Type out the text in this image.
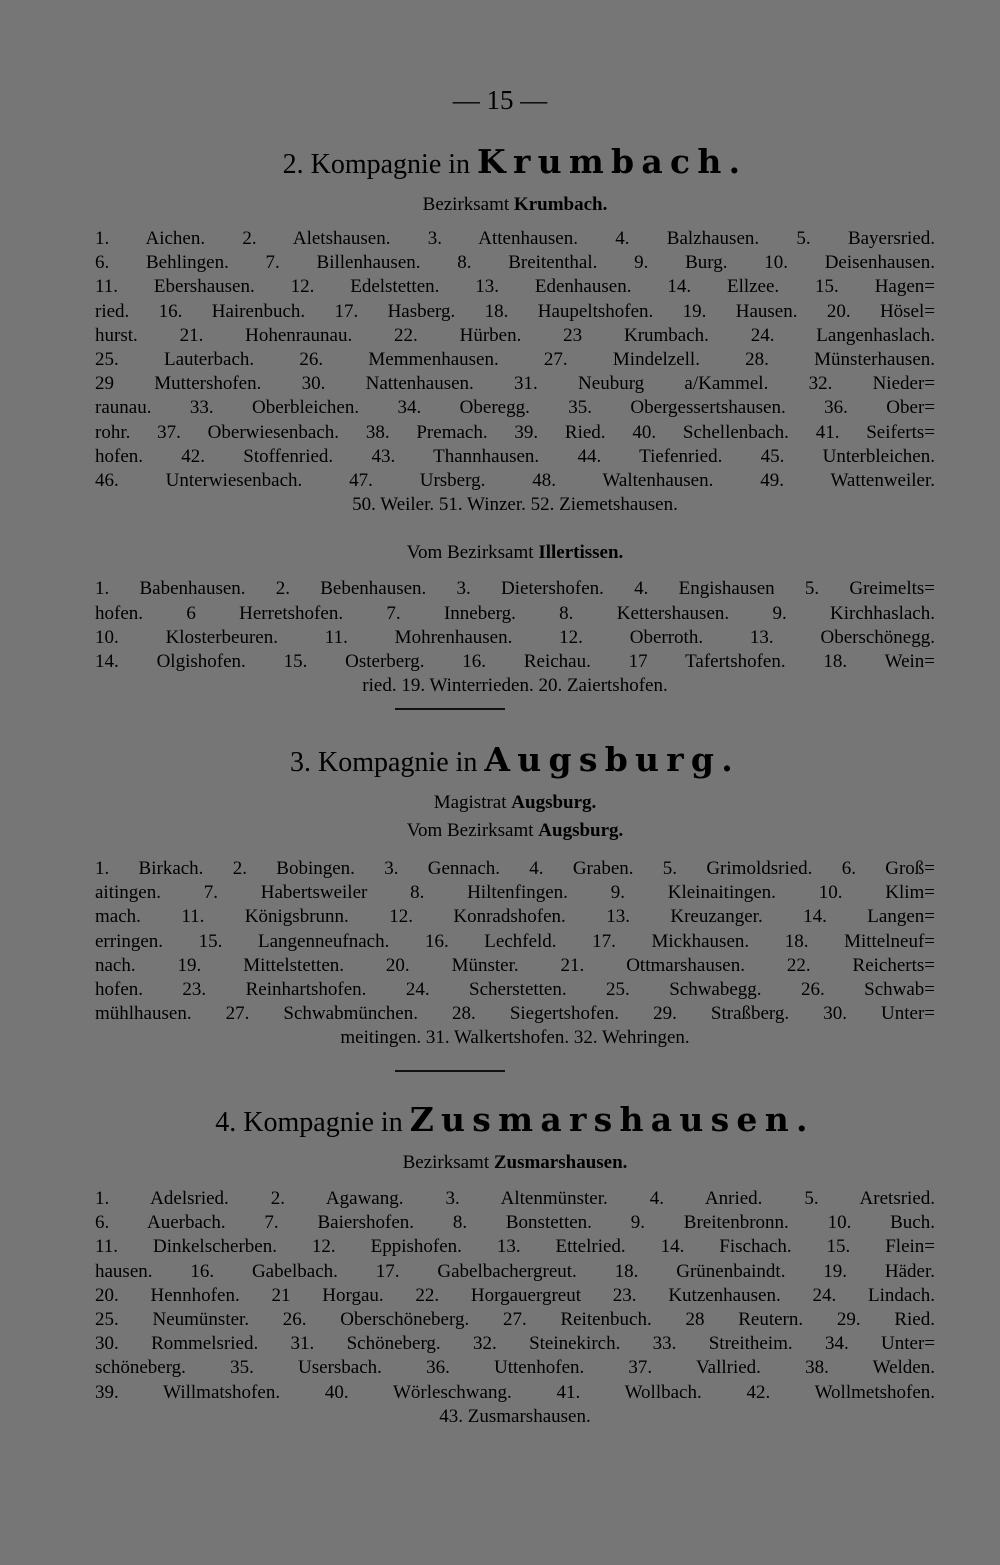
— 15 —
2. Kompagnie in Krumbach.
Bezirksamt Krumbach.
1. Aichen. 2. Aletshausen. 3. Attenhausen. 4. Balzhausen. 5. Bayersried.
6. Behlingen. 7. Billenhausen. 8. Breitenthal. 9. Burg. 10. Deisenhausen.
11. Ebershausen. 12. Edelstetten. 13. Edenhausen. 14. Ellzee. 15. Hagen=
ried. 16. Hairenbuch. 17. Hasberg. 18. Haupeltshofen. 19. Hausen. 20. Hösel=
hurst. 21. Hohenraunau. 22. Hürben. 23 Krumbach. 24. Langenhaslach.
25. Lauterbach. 26. Memmenhausen. 27. Mindelzell. 28. Münsterhausen.
29 Muttershofen. 30. Nattenhausen. 31. Neuburg a/Kammel. 32. Nieder=
raunau. 33. Oberbleichen. 34. Oberegg. 35. Obergessertshausen. 36. Ober=
rohr. 37. Oberwiesenbach. 38. Premach. 39. Ried. 40. Schellenbach. 41. Seiferts=
hofen. 42. Stoffenried. 43. Thannhausen. 44. Tiefenried. 45. Unterbleichen.
46. Unterwiesenbach. 47. Ursberg. 48. Waltenhausen. 49. Wattenweiler.
50. Weiler. 51. Winzer. 52. Ziemetshausen.
Vom Bezirksamt Illertissen.
1. Babenhausen. 2. Bebenhausen. 3. Dietershofen. 4. Engishausen 5. Greimelts=
hofen. 6 Herretshofen. 7. Inneberg. 8. Kettershausen. 9. Kirchhaslach.
10. Klosterbeuren. 11. Mohrenhausen. 12. Oberroth. 13. Oberschönegg.
14. Olgishofen. 15. Osterberg. 16. Reichau. 17 Tafertshofen. 18. Wein=
ried. 19. Winterrieden. 20. Zaiertshofen.
3. Kompagnie in Augsburg.
Magistrat Augsburg.
Vom Bezirksamt Augsburg.
1. Birkach. 2. Bobingen. 3. Gennach. 4. Graben. 5. Grimoldsried. 6. Groß=
aitingen. 7. Habertsweiler 8. Hiltenfingen. 9. Kleinaitingen. 10. Klim=
mach. 11. Königsbrunn. 12. Konradshofen. 13. Kreuzanger. 14. Langen=
erringen. 15. Langenneufnach. 16. Lechfeld. 17. Mickhausen. 18. Mittelneuf=
nach. 19. Mittelstetten. 20. Münster. 21. Ottmarshausen. 22. Reicherts=
hofen. 23. Reinhartshofen. 24. Scherstetten. 25. Schwabegg. 26. Schwab=
mühlhausen. 27. Schwabmünchen. 28. Siegertshofen. 29. Straßberg. 30. Unter=
meitingen. 31. Walkertshofen. 32. Wehringen.
4. Kompagnie in Zusmarshausen.
Bezirksamt Zusmarshausen.
1. Adelsried. 2. Agawang. 3. Altenmünster. 4. Anried. 5. Aretsried.
6. Auerbach. 7. Baiershofen. 8. Bonstetten. 9. Breitenbronn. 10. Buch.
11. Dinkelscherben. 12. Eppishofen. 13. Ettelried. 14. Fischach. 15. Flein=
hausen. 16. Gabelbach. 17. Gabelbachergreut. 18. Grünenbaindt. 19. Häder.
20. Hennhofen. 21 Horgau. 22. Horgauergreut 23. Kutzenhausen. 24. Lindach.
25. Neumünster. 26. Oberschöneberg. 27. Reitenbuch. 28 Reutern. 29. Ried.
30. Rommelsried. 31. Schöneberg. 32. Steinekirch. 33. Streitheim. 34. Unter=
schöneberg. 35. Usersbach. 36. Uttenhofen. 37. Vallried. 38. Welden.
39. Willmatshofen. 40. Wörleschwang. 41. Wollbach. 42. Wollmetshofen.
43. Zusmarshausen.
